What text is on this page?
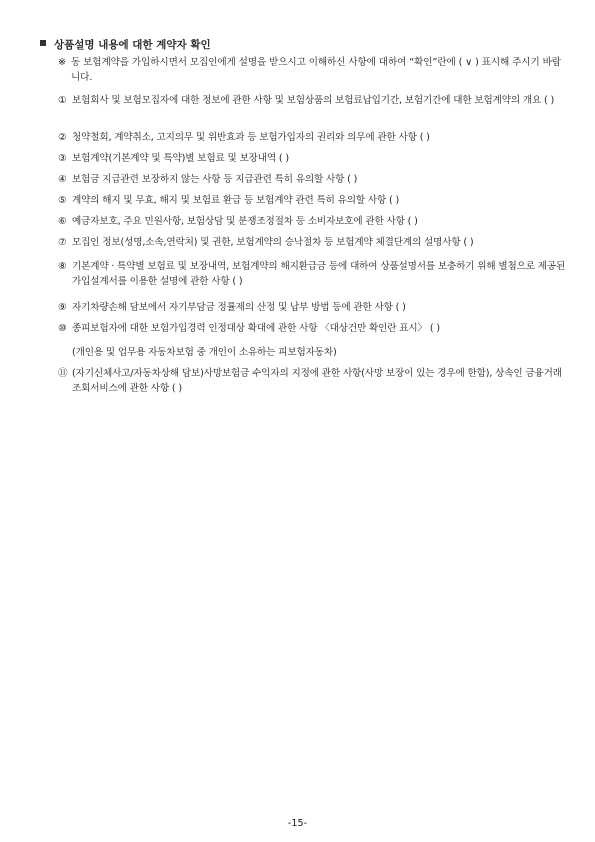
상품설명 내용에 대한 계약자 확인
※ 동 보험계약을 가입하시면서 모집인에게 설명을 받으시고 이해하신 사항에 대하여 “확인”란에 ( ∨ ) 표시해 주시기 바랍니다.
① 보험회사 및 보험모집자에 대한 정보에 관한 사항 및 보험상품의 보험료납입기간, 보험기간에 대한 보험계약의 개요 ( )
② 청약철회, 계약취소, 고지의무 및 위반효과 등 보험가입자의 권리와 의무에 관한 사항 ( )
③ 보험계약(기본계약 및 특약)별 보험료 및 보장내역 ( )
④ 보험금 지급관련 보장하지 않는 사항 등 지급관련 특히 유의할 사항 ( )
⑤ 계약의 해지 및 무효, 해지 및 보험료 환급 등 보험계약 관련 특히 유의할 사항 ( )
⑥ 예금자보호, 주요 민원사항, 보험상담 및 분쟁조정절차 등 소비자보호에 관한 사항 ( )
⑦ 모집인 정보(성명,소속,연락처) 및 권한, 보험계약의 승낙절차 등 보험계약 체결단계의 설명사항 ( )
⑧ 기본계약 · 특약별 보험료 및 보장내역, 보험계약의 해지환급금 등에 대하여 상품설명서를 보충하기 위해 별첨으로 제공된 가입설계서를 이용한 설명에 관한 사항 ( )
⑨ 자기차량손해 담보에서 자기부담금 정률제의 산정 및 납부 방법 등에 관한 사항 ( )
⑩ 종피보험자에 대한 보험가입경력 인정대상 확대에 관한 사항 〈대상건만 확인란 표시〉 ( )
(개인용 및 업무용 자동차보험 중 개인이 소유하는 피보험자동차)
⑪ (자기신체사고/자동차상해 담보)사망보험금 수익자의 지정에 관한 사항(사망 보장이 있는 경우에 한함), 상속인 금융거래 조회서비스에 관한 사항 ( )
-15-
